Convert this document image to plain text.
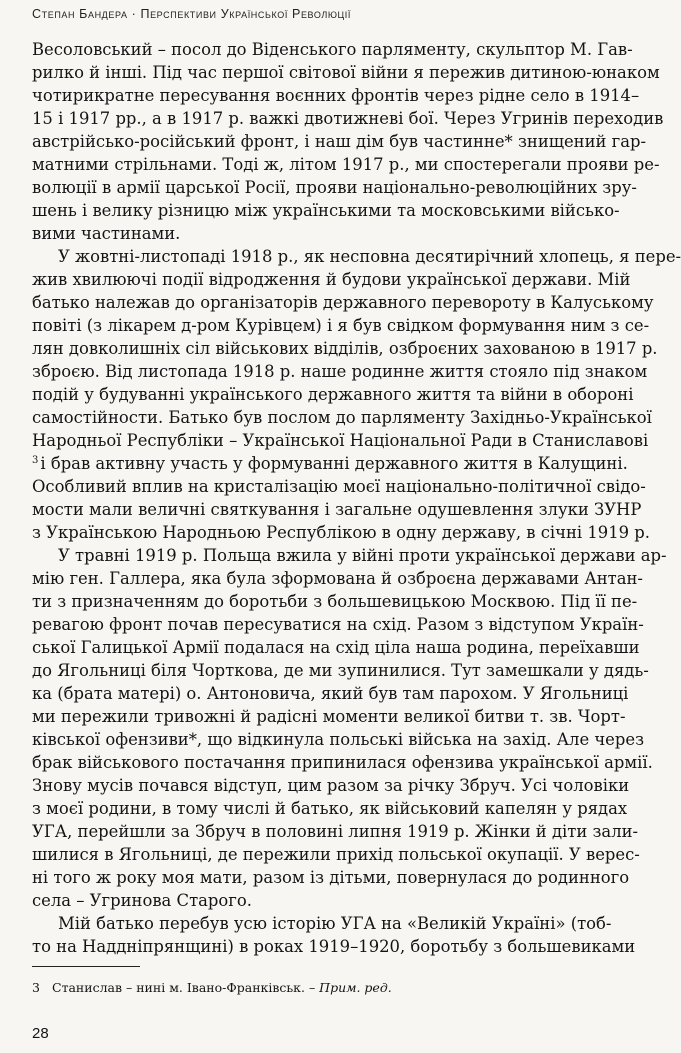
Степан Бандера · Перспективи Української Революції
Весоловський – посол до Віденського парляменту, скульптор М. Гав-
рилко й інші. Під час першої світової війни я пережив дитиною-юнаком
чотирикратне пересування воєнних фронтів через рідне село в 1914–
15 і 1917 рр., а в 1917 р. важкі двотижневі бої. Через Угринів переходив
австрійсько-російський фронт, і наш дім був частинне* знищений гар-
матними стрільнами. Тоді ж, літом 1917 р., ми спостерегали прояви ре-
волюції в армії царської Росії, прояви національно-революційних зру-
шень і велику різницю між українськими та московськими військо-
вими частинами.
У жовтні-листопаді 1918 р., як несповна десятирічний хлопець, я пере-
жив хвилюючі події відродження й будови української держави. Мій
батько належав до організаторів державного перевороту в Калуському
повіті (з лікарем д-ром Курівцем) і я був свідком формування ним з се-
лян довколишніх сіл військових відділів, озброєних захованою в 1917 р.
зброєю. Від листопада 1918 р. наше родинне життя стояло під знаком
подій у будуванні українського державного життя та війни в обороні
самостійности. Батько був послом до парляменту Західньо-Української
Народньої Республіки – Української Національної Ради в Станиславові
$^3$ і брав активну участь у формуванні державного життя в Калущині.
Особливий вплив на кристалізацію моєї національно-політичної свідо-
мости мали величні святкування і загальне одушевлення злуки ЗУНР
з Українською Народньою Республікою в одну державу, в січні 1919 р.
У травні 1919 р. Польща вжила у війні проти української держави ар-
мію ген. Галлера, яка була зформована й озброєна державами Антан-
ти з призначенням до боротьби з большевицькою Москвою. Під її пе-
ревагою фронт почав пересуватися на схід. Разом з відступом Україн-
ської Галицької Армії подалася на схід ціла наша родина, переїхавши
до Ягольниці біля Чорткова, де ми зупинилися. Тут замешкали у дядь-
ка (брата матері) о. Антоновича, який був там парохом. У Ягольниці
ми пережили тривожні й радісні моменти великої битви т. зв. Чорт-
ківської офензиви*, що відкинула польські війська на захід. Але через
брак військового постачання припинилася офензива української армії.
Знову мусів почався відступ, цим разом за річку Збруч. Усі чоловіки
з моєї родини, в тому числі й батько, як військовий капелян у рядах
УГА, перейшли за Збруч в половині липня 1919 р. Жінки й діти зали-
шилися в Ягольниці, де пережили прихід польської окупації. У верес-
ні того ж року моя мати, разом із дітьми, повернулася до родинного
села – Угринова Старого.
Мій батько перебув усю історію УГА на «Великій Україні» (тоб-
то на Наддніпрянщині) в роках 1919–1920, боротьбу з большевиками
3 Станислав – нині м. Івано-Франківськ. – Прим. ред.
28
